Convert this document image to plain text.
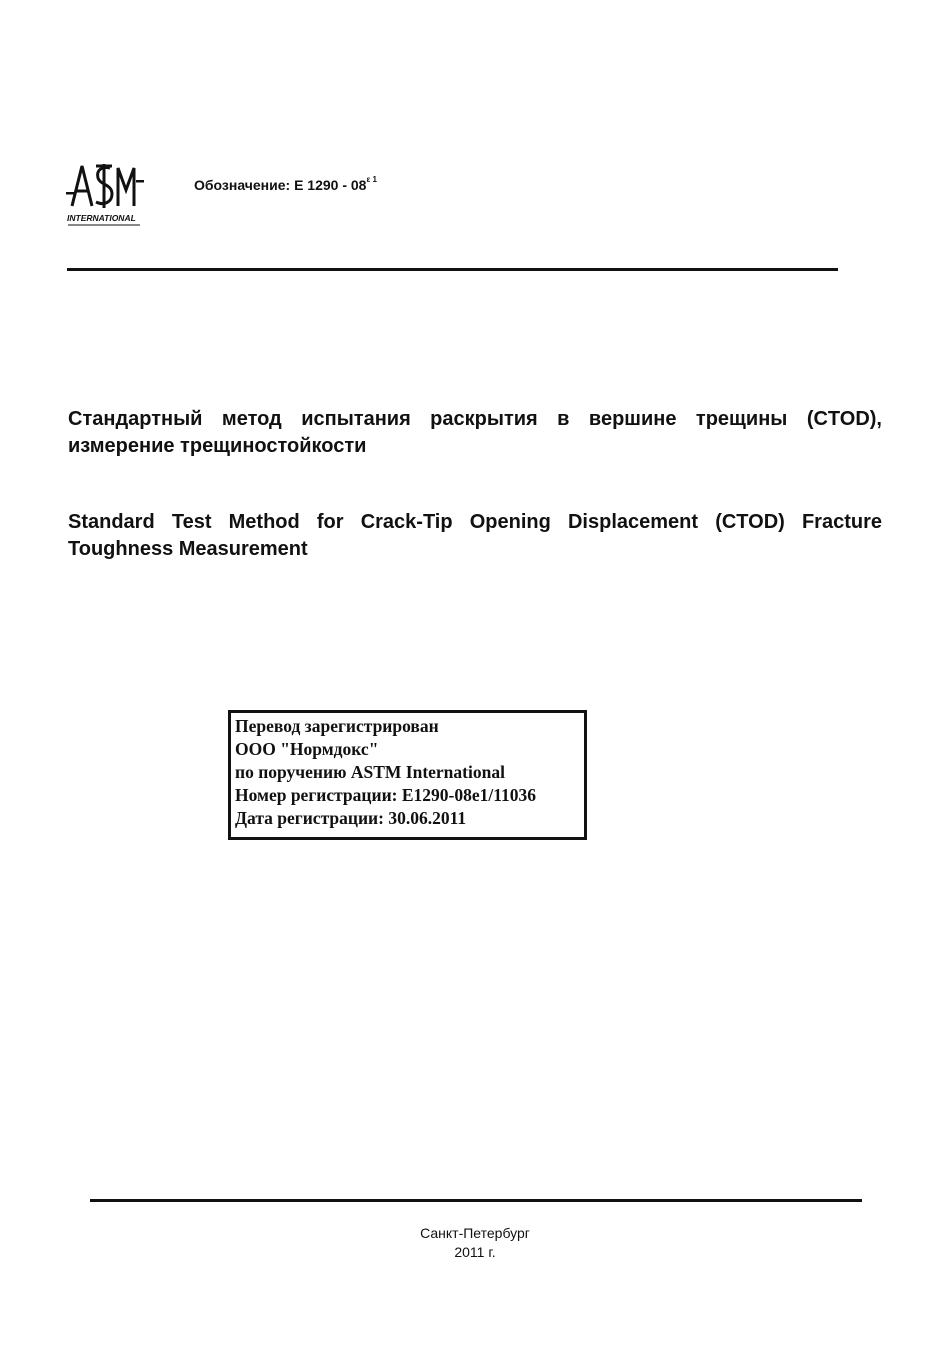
INTERNATIONAL
Обозначение: E $1290 - 08^{\varepsilon 1}$
Стандартный метод испытания раскрытия в вершине трещины (CTOD), измерение трещиностойкости
Standard Test Method for Crack-Tip Opening Displacement (CTOD) Fracture Toughness Measurement
Перевод зарегистрирован
ООО "Нормдокс"
по поручению ASTM International
Номер регистрации: E1290-08e1/11036
Дата регистрации: 30.06.2011
Санкт-Петербург
2011 г.
